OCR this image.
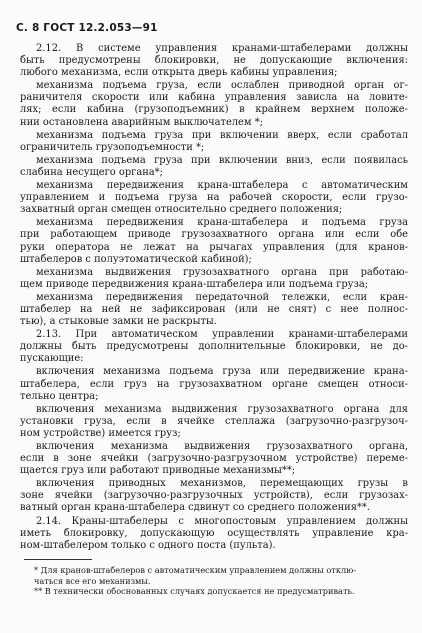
С. 8 ГОСТ 12.2.053—91
2.12. В системе управления кранами-штабелерами должны
быть предусмотрены блокировки, не допускающие включения:
любого механизма, если открыта дверь кабины управления;
механизма подъема груза, если ослаблен приводной орган ог-
раничителя скорости или кабина управления зависла на ловите-
лях; если кабина (грузоподъемник) в крайнем верхнем положе-
нии остановлена аварийным выключателем *;
механизма подъема груза при включении вверх, если сработал
ограничитель грузоподъемности *;
механизма подъема груза при включении вниз, если появилась
слабина несущего органа*;
механизма передвижения крана-штабелера с автоматическим
управлением и подъема груза на рабочей скорости, если грузо-
захватный орган смещен относительно среднего положения;
механизма передвижения крана-штабелера и подъема груза
при работающем приводе грузозахватного органа или если обе
руки оператора не лежат на рычагах управления (для кранов-
штабелеров с полуэтоматической кабиной);
механизма выдвижения грузозахватного органа при работаю-
щем приводе передвижения крана-штабелера или подъема груза;
механизма передвижения передаточной тележки, если кран-
штабелер на ней не зафиксирован (или не снят) с нее полнос-
тью), а стыковые замки не раскрыты.
2.13. При автоматическом управлении кранами-штабелерами
должны быть предусмотрены дополнительные блокировки, не до-
пускающие:
включения механизма подъема груза или передвижение крана-
штабелера, если груз на грузозахватном органе смещен относи-
тельно центра;
включения механизма выдвижения грузозахватного органа для
установки груза, если в ячейке стеллажа (загрузочно-разгрузоч-
ном устройстве) имеется груз;
включения механизма выдвижения грузозахватного органа,
если в зоне ячейки (загрузочно-разгрузочном устройстве) переме-
щается груз или работают приводные механизмы**;
включения приводных механизмов, перемещающих грузы в
зоне ячейки (загрузочно-разгрузочных устройств), если грузозах-
ватный орган крана-штабелера сдвинут со среднего положения**.
2.14. Краны-штабелеры с многопостовым управлением должны
иметь блокировку, допускающую осуществлять управление кра-
ном-штабелером только с одного поста (пульта).
* Для кранов-штабелеров с автоматическим управлением должны отклю-
чаться все его механизмы.
** В технически обоснованных случаях допускается не предусматривать.
